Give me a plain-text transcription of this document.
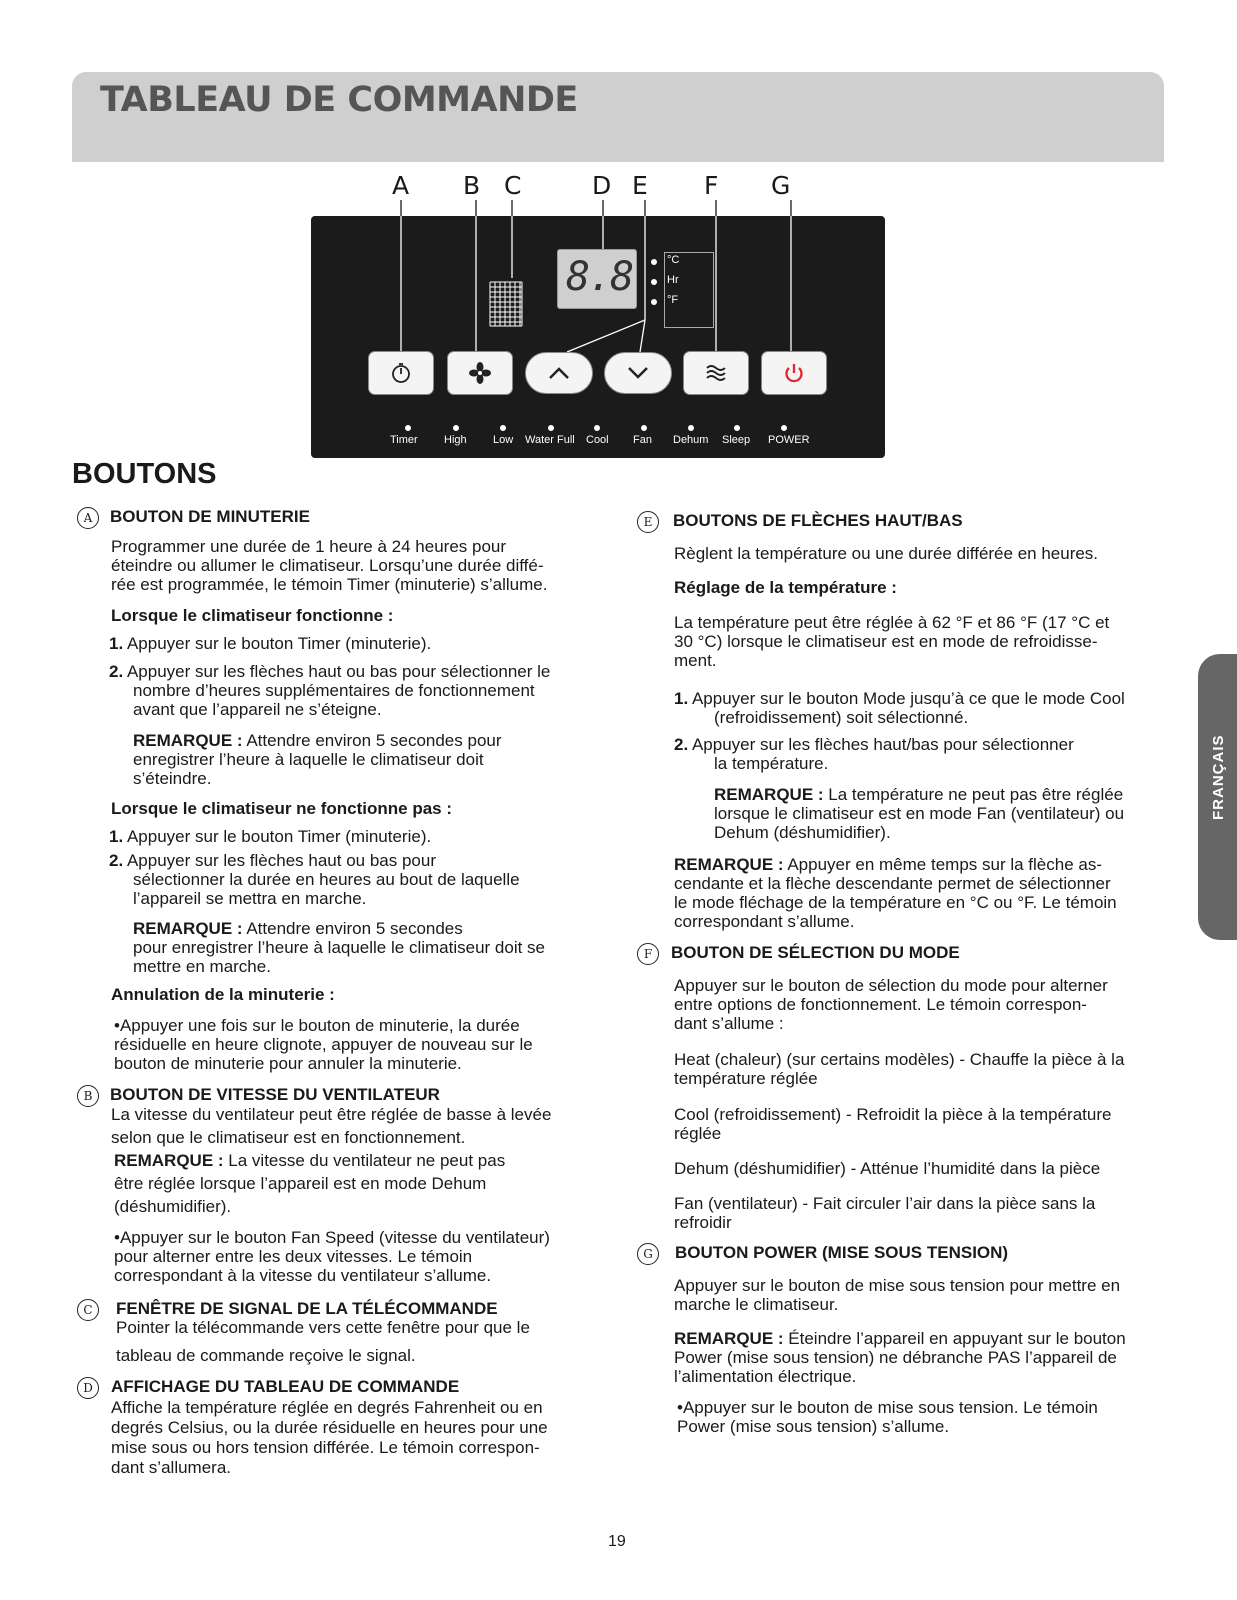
TABLEAU DE COMMANDE
A B C	D E F G
8.8	°C
Hr
°F
Timer High Low Water Full Cool Fan Dehum Sleep POWER
BOUTONS
A	BOUTON DE MINUTERIE
Programmer une durée de 1 heure à 24 heures pour
éteindre ou allumer le climatiseur. Lorsqu’une durée diffé-
rée est programmée, le témoin Timer (minuterie) s’allume.
Lorsque le climatiseur fonctionne :
1. Appuyer sur le bouton Timer (minuterie).
2. Appuyer sur les flèches haut ou bas pour sélectionner le
nombre d’heures supplémentaires de fonctionnement
avant que l’appareil ne s’éteigne.
REMARQUE : Attendre environ 5 secondes pour
enregistrer l’heure à laquelle le climatiseur doit
s’éteindre.
Lorsque le climatiseur ne fonctionne pas :
1. Appuyer sur le bouton Timer (minuterie).
2. Appuyer sur les flèches haut ou bas pour
sélectionner la durée en heures au bout de laquelle
l’appareil se mettra en marche.
REMARQUE : Attendre environ 5 secondes
pour enregistrer l’heure à laquelle le climatiseur doit se
mettre en marche.
Annulation de la minuterie :
•Appuyer une fois sur le bouton de minuterie, la durée
résiduelle en heure clignote, appuyer de nouveau sur le
bouton de minuterie pour annuler la minuterie.
B	BOUTON DE VITESSE DU VENTILATEUR
La vitesse du ventilateur peut être réglée de basse à levée
selon que le climatiseur est en fonctionnement.
REMARQUE : La vitesse du ventilateur ne peut pas
être réglée lorsque l’appareil est en mode Dehum
(déshumidifier).
•Appuyer sur le bouton Fan Speed (vitesse du ventilateur)
pour alterner entre les deux vitesses. Le témoin
correspondant à la vitesse du ventilateur s’allume.
C	FENÊTRE DE SIGNAL DE LA TÉLÉCOMMANDE
Pointer la télécommande vers cette fenêtre pour que le
tableau de commande reçoive le signal.
D	AFFICHAGE DU TABLEAU DE COMMANDE
Affiche la température réglée en degrés Fahrenheit ou en
degrés Celsius, ou la durée résiduelle en heures pour une
mise sous ou hors tension différée. Le témoin correspon-
dant s’allumera.
E	BOUTONS DE FLÈCHES HAUT/BAS
Règlent la température ou une durée différée en heures.
Réglage de la température :
La température peut être réglée à 62 °F et 86 °F (17 °C et
30 °C) lorsque le climatiseur est en mode de refroidisse-
ment.
1. Appuyer sur le bouton Mode jusqu’à ce que le mode Cool
(refroidissement) soit sélectionné.
2. Appuyer sur les flèches haut/bas pour sélectionner
la température.
REMARQUE : La température ne peut pas être réglée
lorsque le climatiseur est en mode Fan (ventilateur) ou
Dehum (déshumidifier).
REMARQUE : Appuyer en même temps sur la flèche as-
cendante et la flèche descendante permet de sélectionner
le mode fléchage de la température en °C ou °F. Le témoin
correspondant s’allume.
F	BOUTON DE SÉLECTION DU MODE
Appuyer sur le bouton de sélection du mode pour alterner
entre options de fonctionnement. Le témoin correspon-
dant s’allume :
Heat (chaleur) (sur certains modèles) - Chauffe la pièce à la
température réglée
Cool (refroidissement) - Refroidit la pièce à la température
réglée
Dehum (déshumidifier) - Atténue l’humidité dans la pièce
Fan (ventilateur) - Fait circuler l’air dans la pièce sans la
refroidir
G	BOUTON POWER (MISE SOUS TENSION)
Appuyer sur le bouton de mise sous tension pour mettre en
marche le climatiseur.
REMARQUE : Éteindre l’appareil en appuyant sur le bouton
Power (mise sous tension) ne débranche PAS l’appareil de
l’alimentation électrique.
•Appuyer sur le bouton de mise sous tension. Le témoin
Power (mise sous tension) s’allume.
FRANÇAIS
19
